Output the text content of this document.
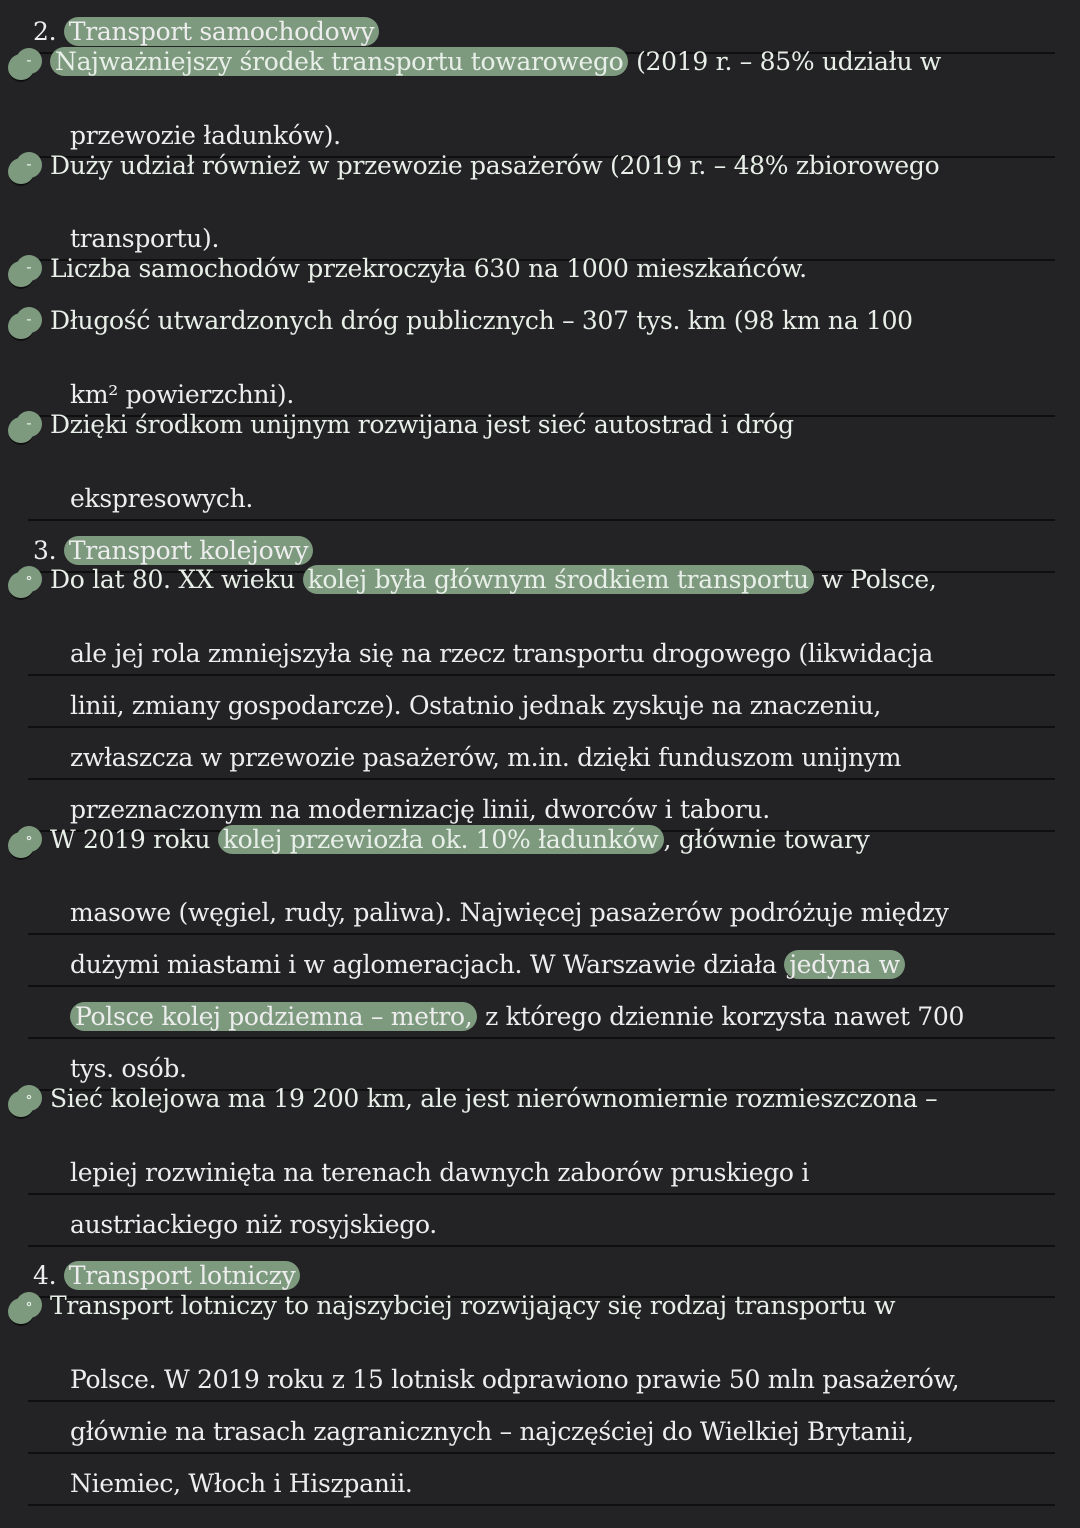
2. Transport samochodowy
- Najważniejszy środek transportu towarowego (2019 r. – 85% udziału w
przewozie ładunków).
- Duży udział również w przewozie pasażerów (2019 r. – 48% zbiorowego
transportu).
- Liczba samochodów przekroczyła 630 na 1000 mieszkańców.
- Długość utwardzonych dróg publicznych – 307 tys. km (98 km na 100
km² powierzchni).
- Dzięki środkom unijnym rozwijana jest sieć autostrad i dróg
ekspresowych.
3. Transport kolejowy
∘ Do lat 80. XX wieku kolej była głównym środkiem transportu w Polsce,
ale jej rola zmniejszyła się na rzecz transportu drogowego (likwidacja
linii, zmiany gospodarcze). Ostatnio jednak zyskuje na znaczeniu,
zwłaszcza w przewozie pasażerów, m.in. dzięki funduszom unijnym
przeznaczonym na modernizację linii, dworców i taboru.
∘ W 2019 roku kolej przewiozła ok. 10% ładunków , głównie towary
masowe (węgiel, rudy, paliwa). Najwięcej pasażerów podróżuje między
dużymi miastami i w aglomeracjach. W Warszawie działa jedyna w
Polsce kolej podziemna – metro, z którego dziennie korzysta nawet 700
tys. osób.
∘ Sieć kolejowa ma 19 200 km, ale jest nierównomiernie rozmieszczona –
lepiej rozwinięta na terenach dawnych zaborów pruskiego i
austriackiego niż rosyjskiego.
4. Transport lotniczy
∘ Transport lotniczy to najszybciej rozwijający się rodzaj transportu w
Polsce. W 2019 roku z 15 lotnisk odprawiono prawie 50 mln pasażerów,
głównie na trasach zagranicznych – najczęściej do Wielkiej Brytanii,
Niemiec, Włoch i Hiszpanii.
